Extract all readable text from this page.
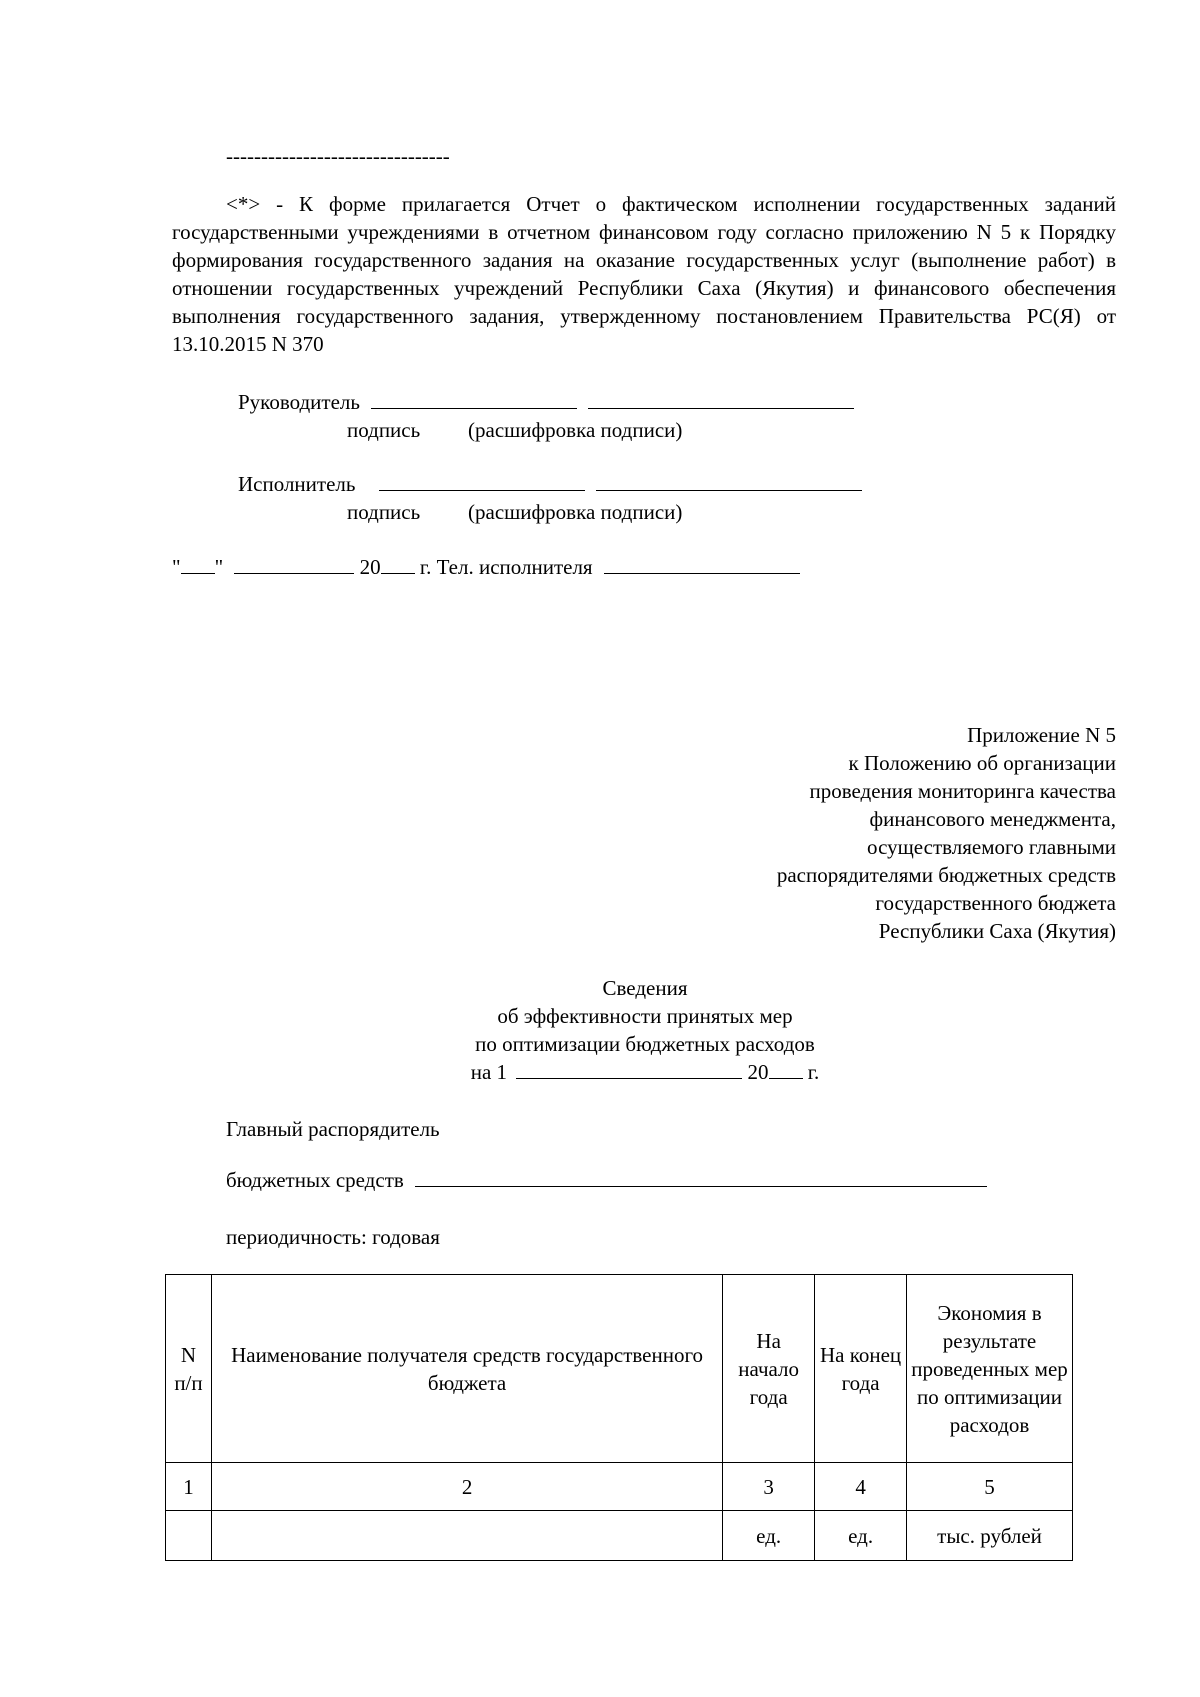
--------------------------------
<*> - К форме прилагается Отчет о фактическом исполнении государственных заданий государственными учреждениями в отчетном финансовом году согласно приложению N 5 к Порядку формирования государственного задания на оказание государственных услуг (выполнение работ) в отношении государственных учреждений Республики Саха (Якутия) и финансового обеспечения выполнения государственного задания, утвержденному постановлением Правительства РС(Я) от 13.10.2015 N 370
Руководитель
подпись (расшифровка подписи)
Исполнитель
подпись (расшифровка подписи)
" "	20 г. Тел. исполнителя
Приложение N 5
к Положению об организации
проведения мониторинга качества
финансового менеджмента,
осуществляемого главными
распорядителями бюджетных средств
государственного бюджета
Республики Саха (Якутия)
Сведения
об эффективности принятых мер
по оптимизации бюджетных расходов
на 1	20 г.
Главный распорядитель
бюджетных средств
периодичность: годовая
N п/п	Наименование получателя средств государственного бюджета	На начало года	На конец года	Экономия в результате проведенных мер по оптимизации расходов
1	2	3	4	5
		ед.	ед.	тыс. рублей
